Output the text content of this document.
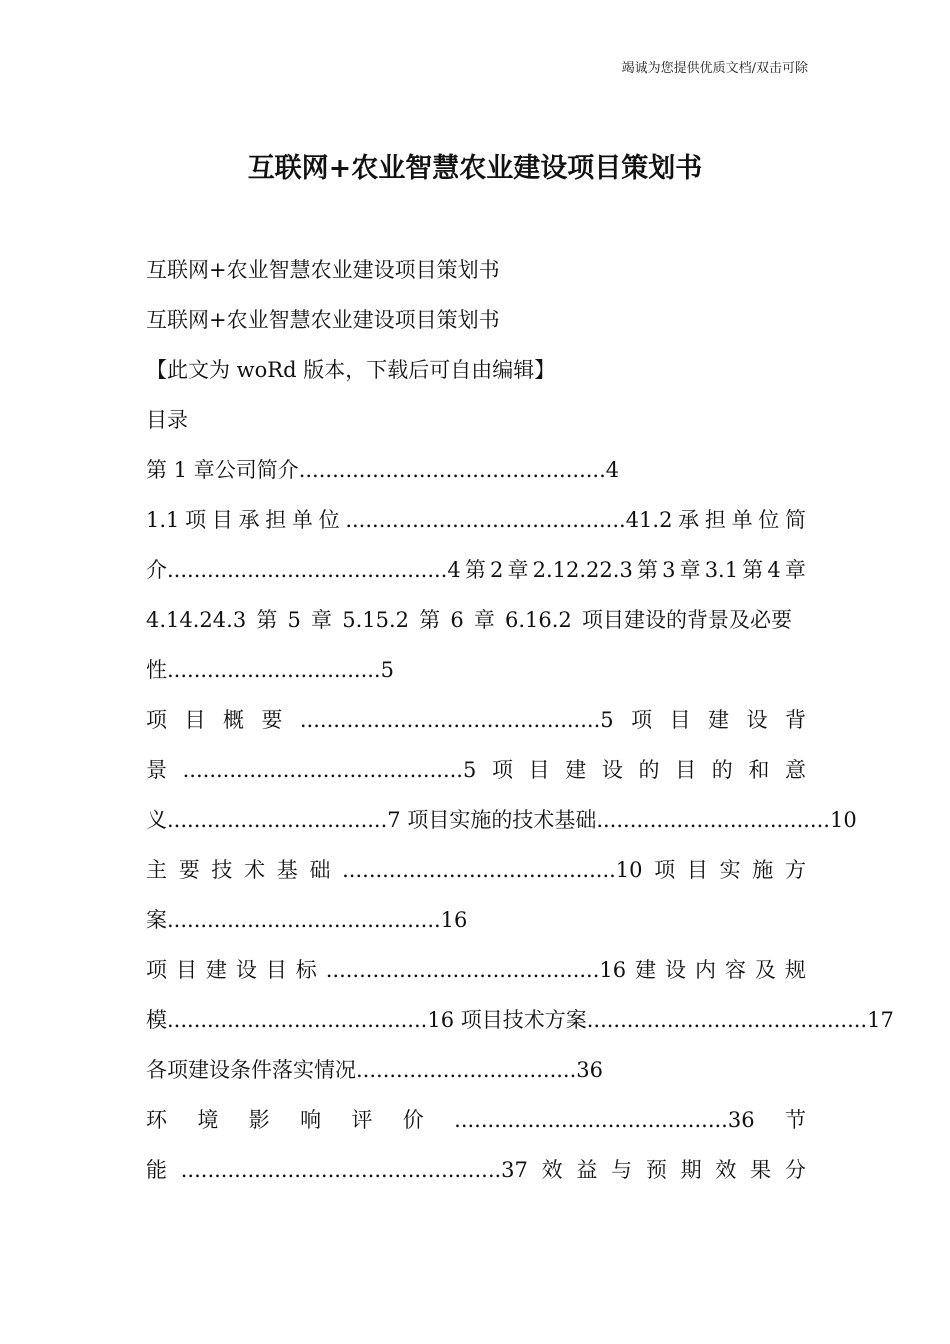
竭诚为您提供优质文档/双击可除
互联网+农业智慧农业建设项目策划书
互联网+农业智慧农业建设项目策划书
互联网+农业智慧农业建设项目策划书
【此文为 woRd 版本，下载后可自由编辑】
目录
第 1 章公司简介..............................................4
1.1 项 目 承 担 单 位 ..........................................41.2 承 担 单 位 简
介..........................................4 第 2 章 2.12.22.3 第 3 章 3.1 第 4 章
4.14.24.3 第 5 章 5.15.2 第 6 章 6.16.2 项目建设的背景及必要
性................................5
项 目 概 要 .............................................5 项 目 建 设 背
景 ..........................................5 项 目 建 设 的 目 的 和 意
义.................................7 项目实施的技术基础...................................10
主 要 技 术 基 础 .........................................10 项 目 实 施 方
案.........................................16
项 目 建 设 目 标 .........................................16 建 设 内 容 及 规
模.......................................16 项目技术方案..........................................17
各项建设条件落实情况.................................36
环 境 影 响 评 价 .........................................36 节
能 ................................................37 效 益 与 预 期 效 果 分
